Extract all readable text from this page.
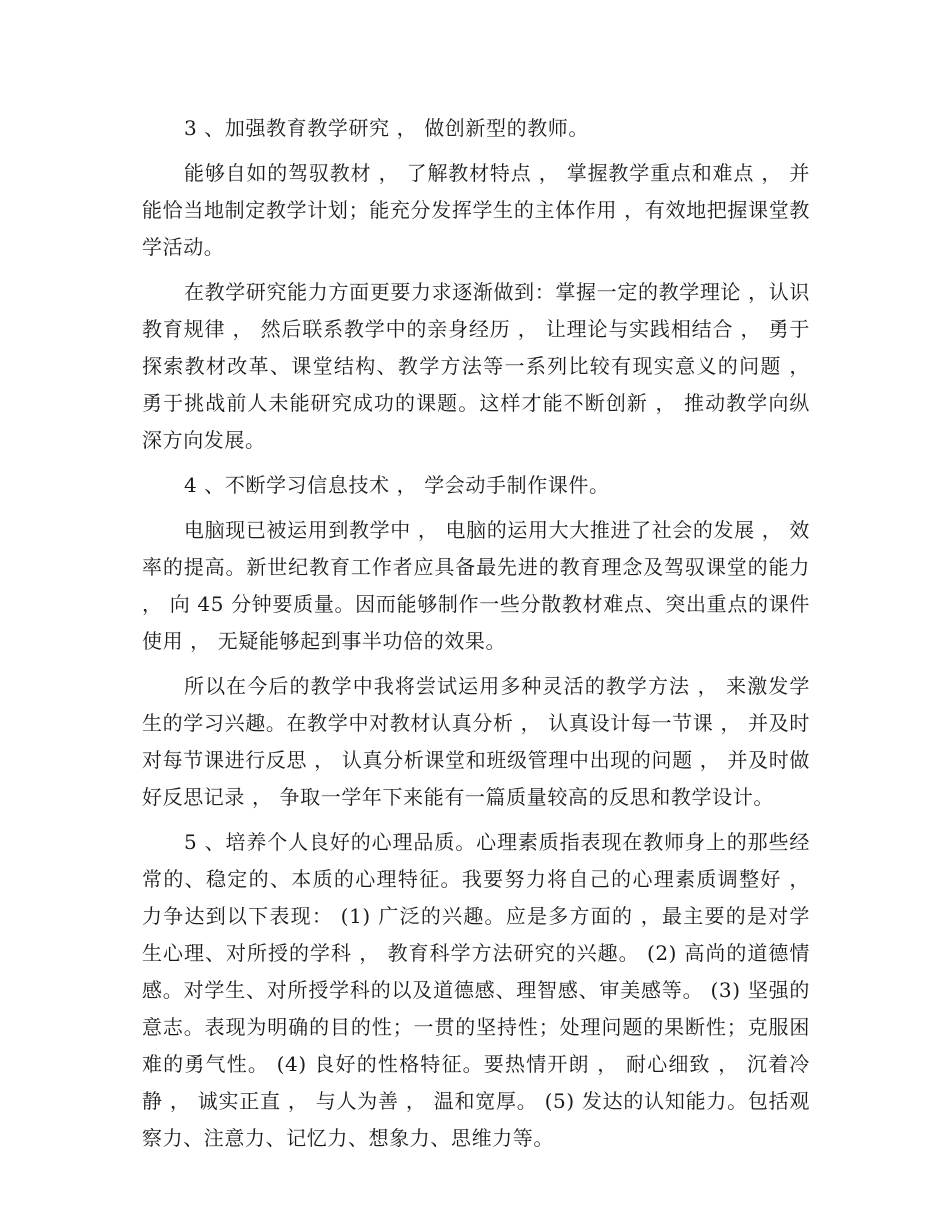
3 、加强教育教学研究 ， 做创新型的教师。

能够自如的驾驭教材 ， 了解教材特点 ， 掌握教学重点和难点 ， 并能恰当地制定教学计划；能充分发挥学生的主体作用 ，有效地把握课堂教学活动。

在教学研究能力方面更要力求逐渐做到：掌握一定的教学理论 ，认识教育规律 ， 然后联系教学中的亲身经历 ， 让理论与实践相结合 ， 勇于探索教材改革、课堂结构、教学方法等一系列比较有现实意义的问题 ， 勇于挑战前人未能研究成功的课题。这样才能不断创新 ， 推动教学向纵深方向发展。

4 、不断学习信息技术 ， 学会动手制作课件。

电脑现已被运用到教学中 ， 电脑的运用大大推进了社会的发展 ， 效率的提高。新世纪教育工作者应具备最先进的教育理念及驾驭课堂的能力 ， 向 45 分钟要质量。因而能够制作一些分散教材难点、突出重点的课件使用 ， 无疑能够起到事半功倍的效果。

所以在今后的教学中我将尝试运用多种灵活的教学方法 ， 来激发学生的学习兴趣。在教学中对教材认真分析 ， 认真设计每一节课 ， 并及时对每节课进行反思 ， 认真分析课堂和班级管理中出现的问题 ， 并及时做好反思记录 ， 争取一学年下来能有一篇质量较高的反思和教学设计。

5 、培养个人良好的心理品质。心理素质指表现在教师身上的那些经常的、稳定的、本质的心理特征。我要努力将自己的心理素质调整好 ， 力争达到以下表现： (1) 广泛的兴趣。应是多方面的 ，最主要的是对学生心理、对所授的学科 ， 教育科学方法研究的兴趣。 (2) 高尚的道德情感。对学生、对所授学科的以及道德感、理智感、审美感等。 (3) 坚强的意志。表现为明确的目的性；一贯的坚持性；处理问题的果断性；克服困难的勇气性。 (4) 良好的性格特征。要热情开朗 ， 耐心细致 ， 沉着冷静 ， 诚实正直 ， 与人为善 ， 温和宽厚。 (5) 发达的认知能力。包括观察力、注意力、记忆力、想象力、思维力等。
